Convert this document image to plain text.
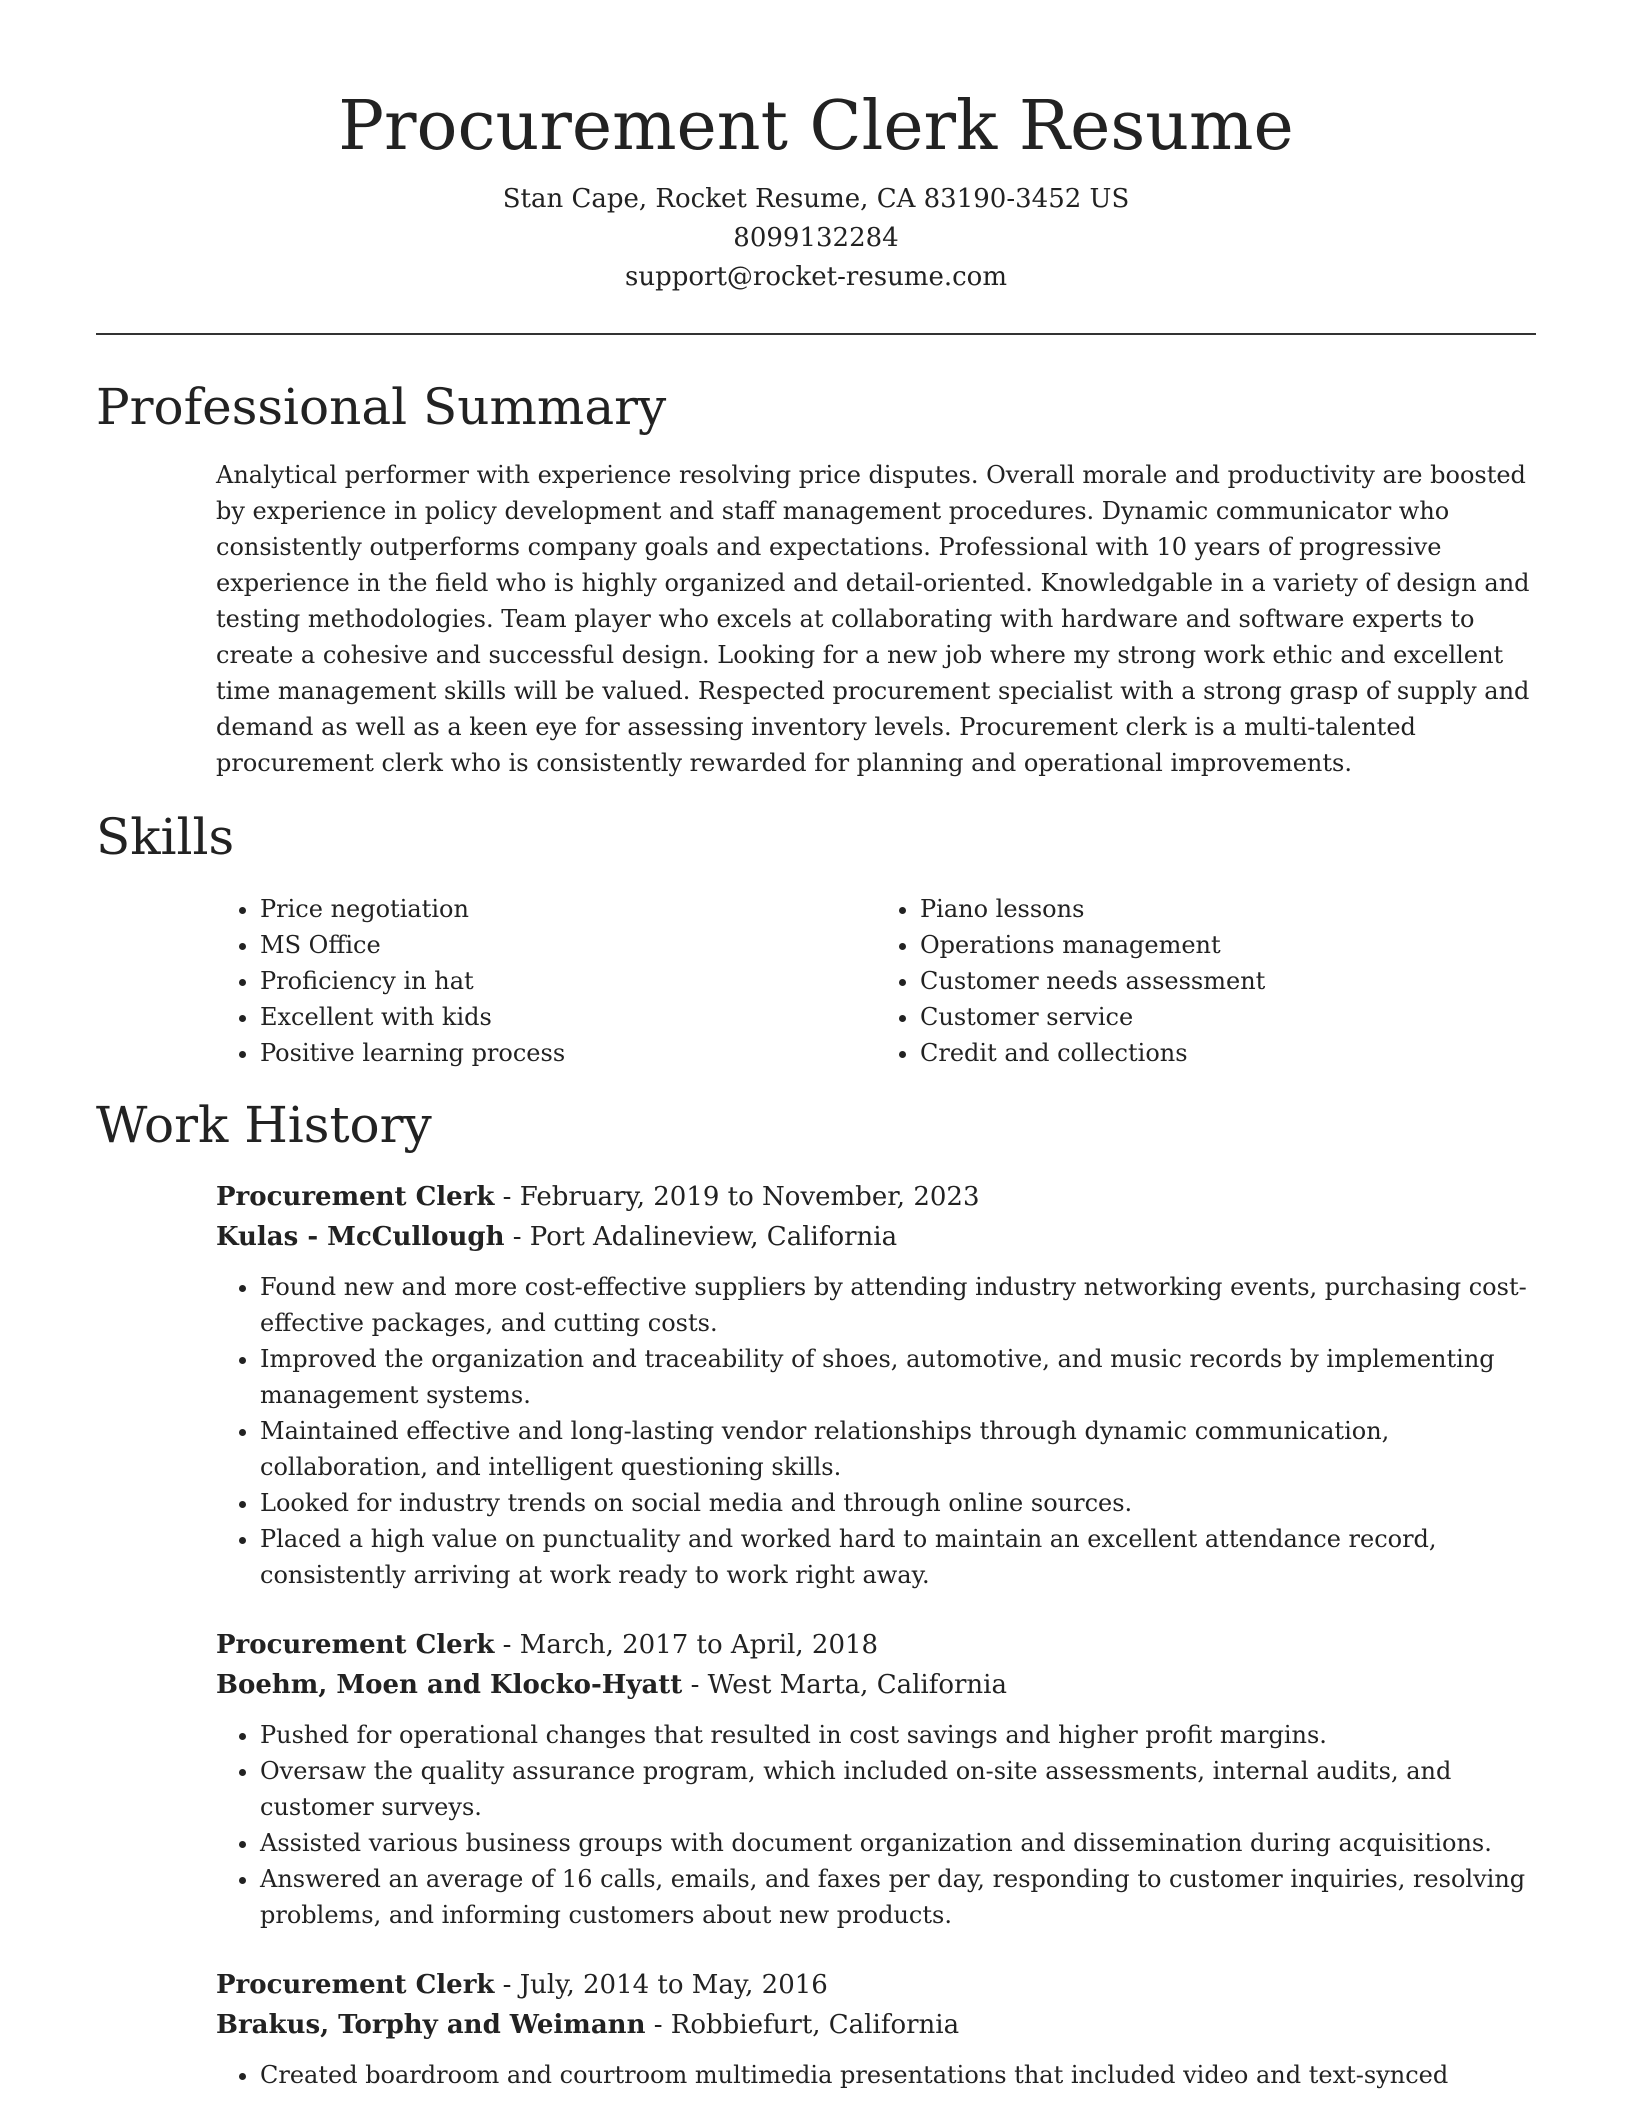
Procurement Clerk Resume
Stan Cape, Rocket Resume, CA 83190-3452 US
8099132284
support@rocket-resume.com
Professional Summary

Analytical performer with experience resolving price disputes. Overall morale and productivity are boosted by experience in policy development and staff management procedures. Dynamic communicator who consistently outperforms company goals and expectations. Professional with 10 years of progressive experience in the field who is highly organized and detail-oriented. Knowledgable in a variety of design and testing methodologies. Team player who excels at collaborating with hardware and software experts to create a cohesive and successful design. Looking for a new job where my strong work ethic and excellent time management skills will be valued. Respected procurement specialist with a strong grasp of supply and demand as well as a keen eye for assessing inventory levels. Procurement clerk is a multi-talented procurement clerk who is consistently rewarded for planning and operational improvements.

Skills
• Price negotiation
• MS Office
• Proficiency in hat
• Excellent with kids
• Positive learning process
• Piano lessons
• Operations management
• Customer needs assessment
• Customer service
• Credit and collections
Work History
Procurement Clerk - February, 2019 to November, 2023
Kulas - McCullough - Port Adalineview, California
• Found new and more cost-effective suppliers by attending industry networking events, purchasing cost-effective packages, and cutting costs.
• Improved the organization and traceability of shoes, automotive, and music records by implementing management systems.
• Maintained effective and long-lasting vendor relationships through dynamic communication, collaboration, and intelligent questioning skills.
• Looked for industry trends on social media and through online sources.
• Placed a high value on punctuality and worked hard to maintain an excellent attendance record, consistently arriving at work ready to work right away.
Procurement Clerk - March, 2017 to April, 2018
Boehm, Moen and Klocko-Hyatt - West Marta, California
• Pushed for operational changes that resulted in cost savings and higher profit margins.
• Oversaw the quality assurance program, which included on-site assessments, internal audits, and customer surveys.
• Assisted various business groups with document organization and dissemination during acquisitions.
• Answered an average of 16 calls, emails, and faxes per day, responding to customer inquiries, resolving problems, and informing customers about new products.
Procurement Clerk - July, 2014 to May, 2016
Brakus, Torphy and Weimann - Robbiefurt, California
• Created boardroom and courtroom multimedia presentations that included video and text-synced
